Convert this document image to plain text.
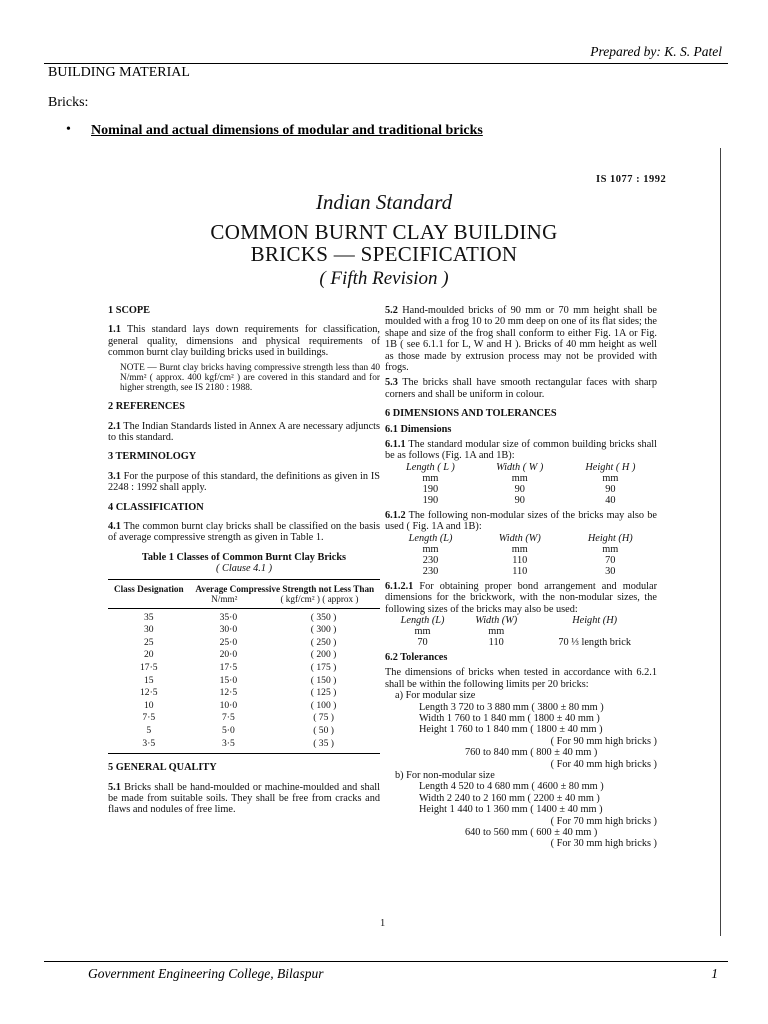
Prepared by: K. S. Patel
BUILDING MATERIAL
Bricks:
• Nominal and actual dimensions of modular and traditional bricks
IS 1077 : 1992
Indian Standard
COMMON BURNT CLAY BUILDING
BRICKS — SPECIFICATION
( Fifth Revision )

1 SCOPE

1.1 This standard lays down requirements for classification, general quality, dimensions and physical requirements of common burnt clay building bricks used in buildings.

NOTE — Burnt clay bricks having compressive strength less than 40 N/mm² ( approx. 400 kgf/cm² ) are covered in this standard and for higher strength, see IS 2180 : 1988.

2 REFERENCES

2.1 The Indian Standards listed in Annex A are necessary adjuncts to this standard.

3 TERMINOLOGY

3.1 For the purpose of this standard, the definitions as given in IS 2248 : 1992 shall apply.

4 CLASSIFICATION

4.1 The common burnt clay bricks shall be classified on the basis of average compressive strength as given in Table 1.

Table 1 Classes of Common Burnt Clay Bricks

( Clause 4.1 )

Class Designation	Average Compressive Strength not Less Than
N/mm² ( kgf/cm² ) ( approx )	

35	35·0	( 350 )
30	30·0	( 300 )
25	25·0	( 250 )
20	20·0	( 200 )
17·5	17·5	( 175 )
15	15·0	( 150 )
12·5	12·5	( 125 )
10	10·0	( 100 )
7·5	7·5	( 75 )
5	5·0	( 50 )
3·5	3·5	( 35 )

5 GENERAL QUALITY

5.1 Bricks shall be hand-moulded or machine-moulded and shall be made from suitable soils. They shall be free from cracks and flaws and nodules of free lime.

5.2 Hand-moulded bricks of 90 mm or 70 mm height shall be moulded with a frog 10 to 20 mm deep on one of its flat sides; the shape and size of the frog shall conform to either Fig. 1A or Fig. 1B ( see 6.1.1 for L, W and H ). Bricks of 40 mm height as well as those made by extrusion process may not be provided with frogs.

5.3 The bricks shall have smooth rectangular faces with sharp corners and shall be uniform in colour.

6 DIMENSIONS AND TOLERANCES

6.1 Dimensions

6.1.1 The standard modular size of common building bricks shall be as follows (Fig. 1A and 1B):

Length ( L )	Width ( W )	Height ( H )
mm	mm	mm
190	90	90
190	90	40

6.1.2 The following non-modular sizes of the bricks may also be used ( Fig. 1A and 1B):

Length (L)	Width (W)	Height (H)
mm	mm	mm
230	110	70
230	110	30

6.1.2.1 For obtaining proper bond arrangement and modular dimensions for the brickwork, with the non-modular sizes, the following sizes of the bricks may also be used:

Length (L)	Width (W)	Height (H)
mm	mm	
70	110	70 ⅓ length brick

6.2 Tolerances

The dimensions of bricks when tested in accordance with 6.2.1 shall be within the following limits per 20 bricks:

a) For modular size

Length 3 720 to 3 880 mm ( 3800 ± 80 mm )

Width 1 760 to 1 840 mm ( 1800 ± 40 mm )

Height 1 760 to 1 840 mm ( 1800 ± 40 mm )

( For 90 mm high bricks )

760 to 840 mm ( 800 ± 40 mm )

( For 40 mm high bricks )

b) For non-modular size

Length 4 520 to 4 680 mm ( 4600 ± 80 mm )

Width 2 240 to 2 160 mm ( 2200 ± 40 mm )

Height 1 440 to 1 360 mm ( 1400 ± 40 mm )

( For 70 mm high bricks )

640 to 560 mm ( 600 ± 40 mm )

( For 30 mm high bricks )

1
Government Engineering College, Bilaspur	1
